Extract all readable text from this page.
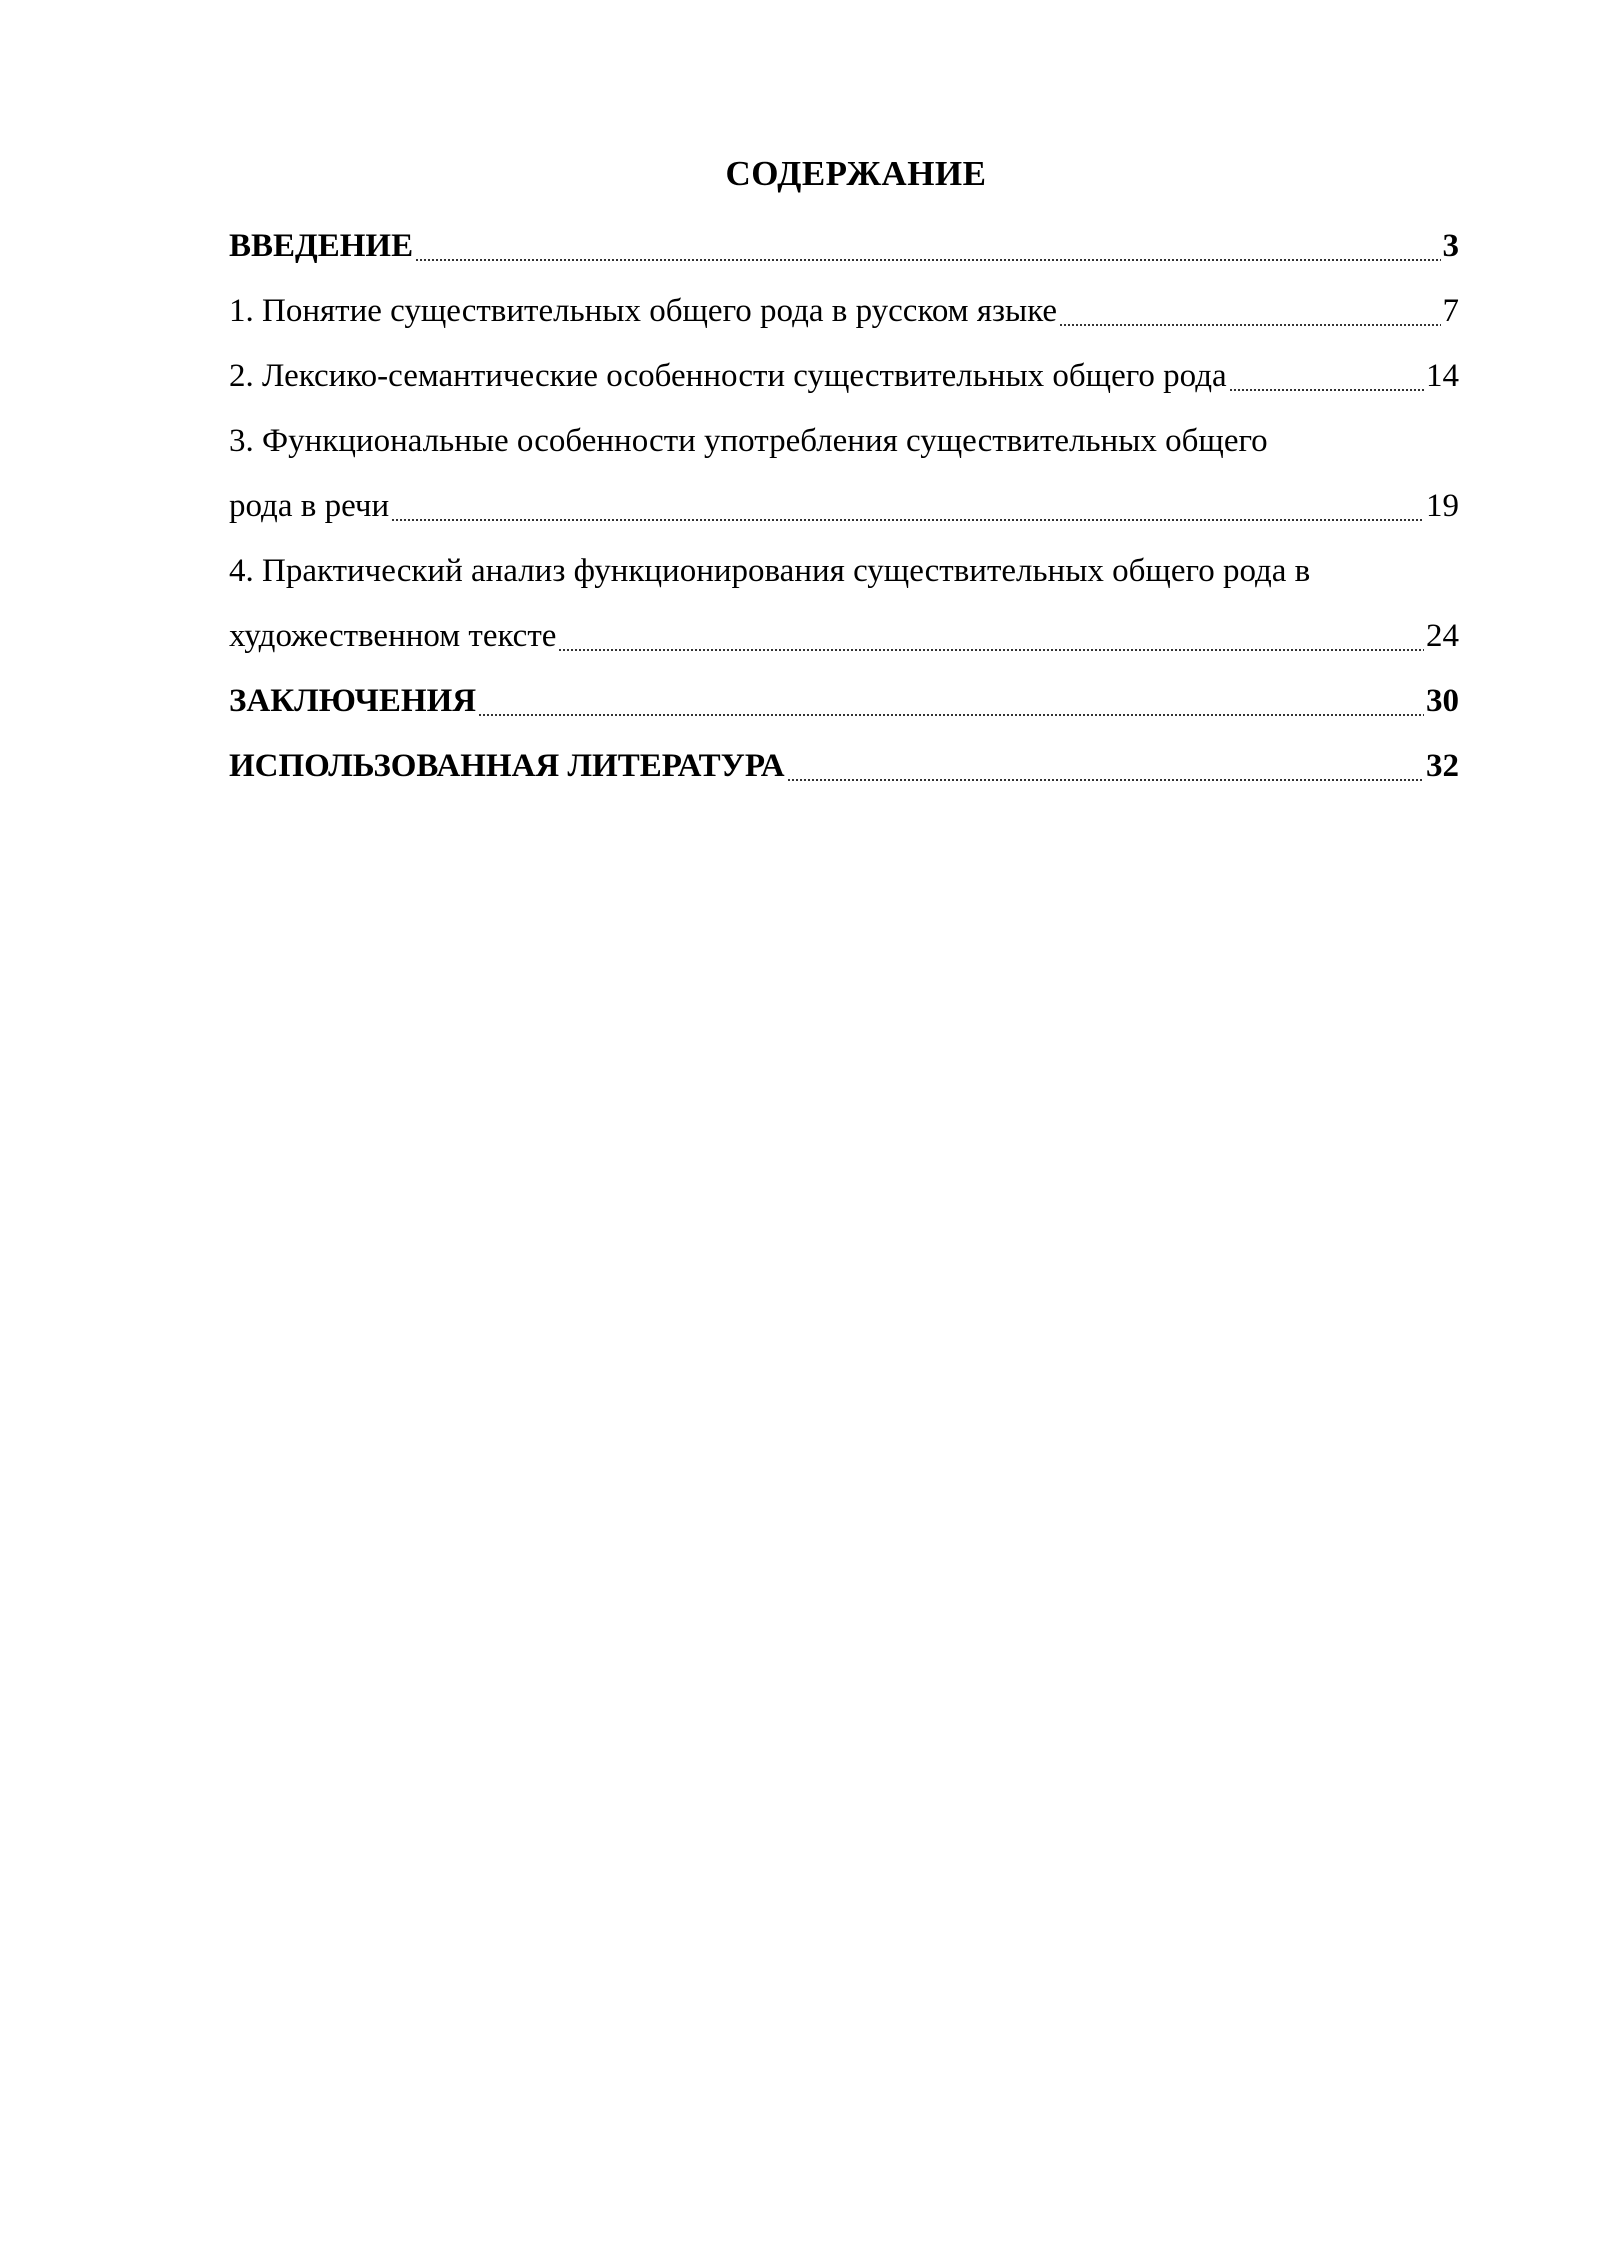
СОДЕРЖАНИЕ
ВВЕДЕНИЕ	3
1. Понятие существительных общего рода в русском языке	7
2. Лексико-семантические особенности существительных общего рода	14
3. Функциональные особенности употребления существительных общего
рода в речи	19
4. Практический анализ функционирования существительных общего рода в
художественном тексте	24
ЗАКЛЮЧЕНИЯ	30
ИСПОЛЬЗОВАННАЯ ЛИТЕРАТУРА	32
